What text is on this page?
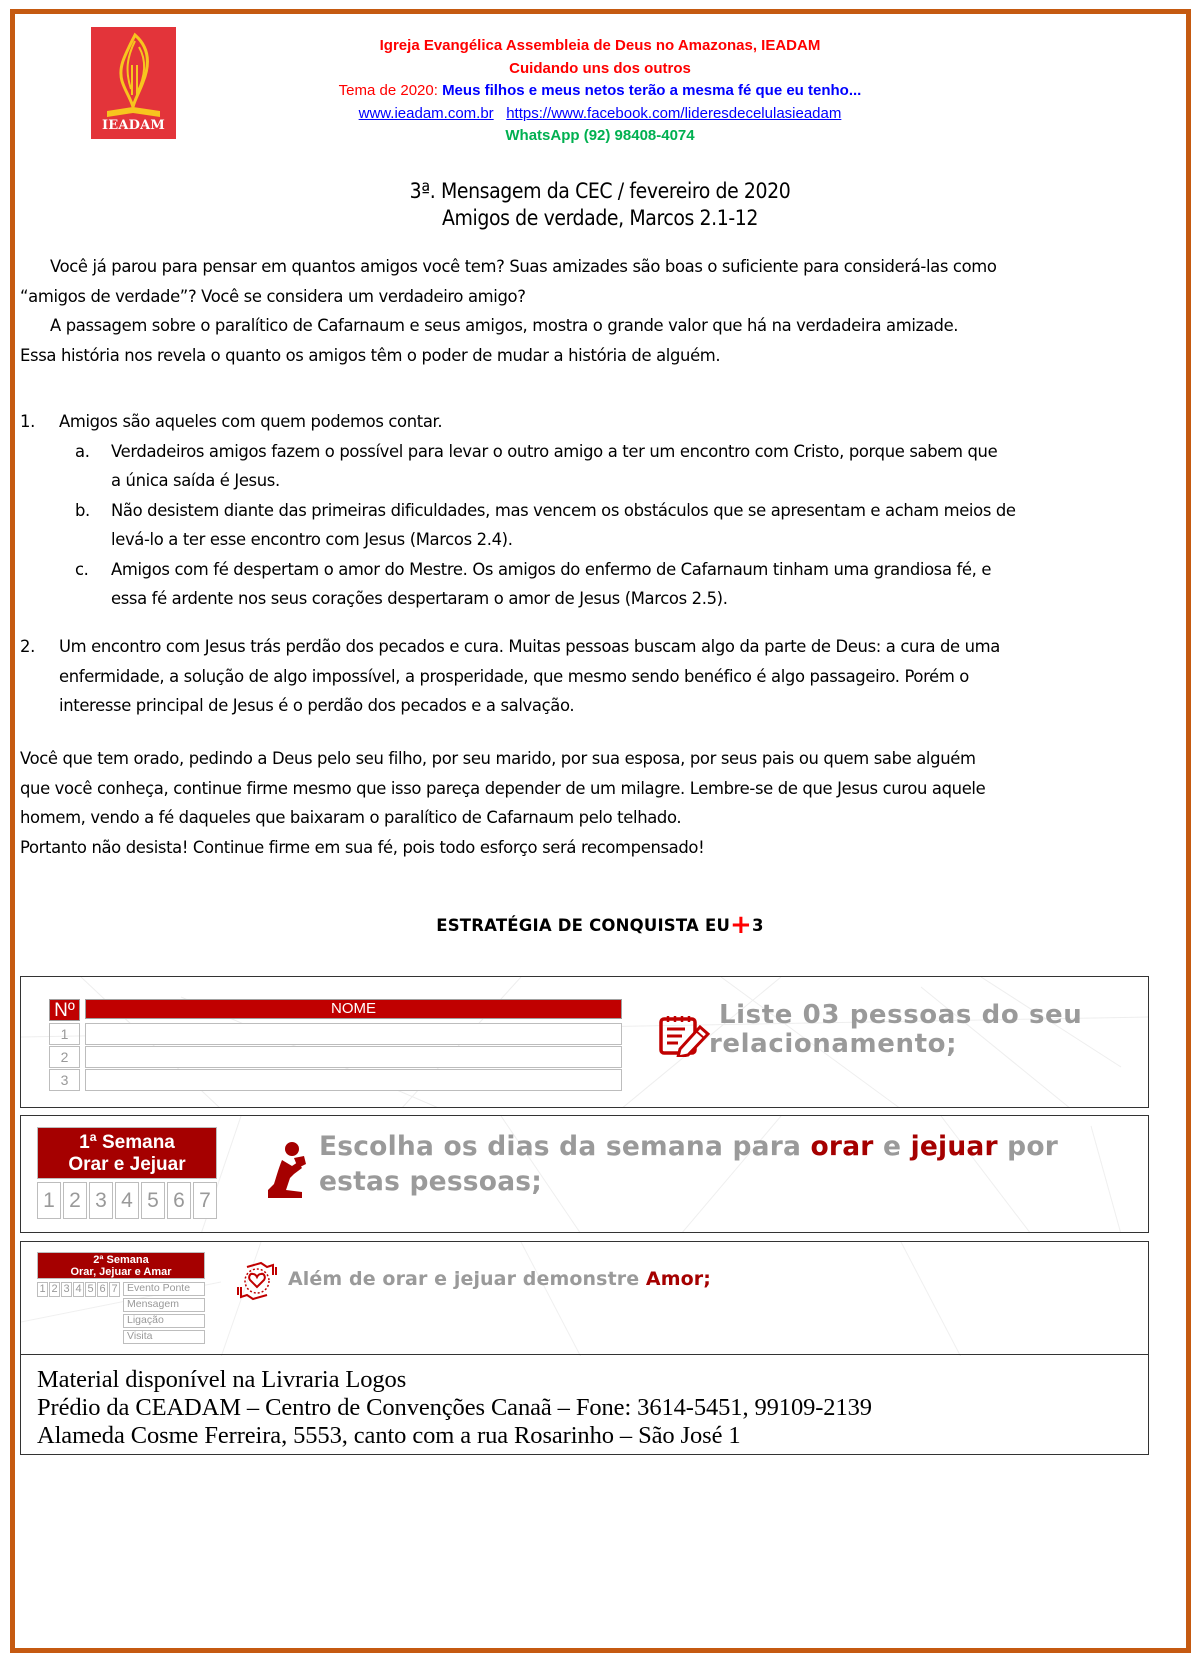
IEADAM
Igreja Evangélica Assembleia de Deus no Amazonas, IEADAM
Cuidando uns dos outros
Tema de 2020: Meus filhos e meus netos terão a mesma fé que eu tenho...
www.ieadam.com.br https://www.facebook.com/lideresdecelulasieadam
WhatsApp (92) 98408-4074
3ª. Mensagem da CEC / fevereiro de 2020
Amigos de verdade, Marcos 2.1-12
Você já parou para pensar em quantos amigos você tem? Suas amizades são boas o suficiente para considerá-las como
“amigos de verdade”? Você se considera um verdadeiro amigo?
A passagem sobre o paralítico de Cafarnaum e seus amigos, mostra o grande valor que há na verdadeira amizade.
Essa história nos revela o quanto os amigos têm o poder de mudar a história de alguém.
1. Amigos são aqueles com quem podemos contar.
a. Verdadeiros amigos fazem o possível para levar o outro amigo a ter um encontro com Cristo, porque sabem que
a única saída é Jesus.
b. Não desistem diante das primeiras dificuldades, mas vencem os obstáculos que se apresentam e acham meios de
levá-lo a ter esse encontro com Jesus (Marcos 2.4).
c. Amigos com fé despertam o amor do Mestre. Os amigos do enfermo de Cafarnaum tinham uma grandiosa fé, e
essa fé ardente nos seus corações despertaram o amor de Jesus (Marcos 2.5).
2. Um encontro com Jesus trás perdão dos pecados e cura. Muitas pessoas buscam algo da parte de Deus: a cura de uma
enfermidade, a solução de algo impossível, a prosperidade, que mesmo sendo benéfico é algo passageiro. Porém o
interesse principal de Jesus é o perdão dos pecados e a salvação.
Você que tem orado, pedindo a Deus pelo seu filho, por seu marido, por sua esposa, por seus pais ou quem sabe alguém
que você conheça, continue firme mesmo que isso pareça depender de um milagre. Lembre-se de que Jesus curou aquele
homem, vendo a fé daqueles que baixaram o paralítico de Cafarnaum pelo telhado.
Portanto não desista! Continue firme em sua fé, pois todo esforço será recompensado!
ESTRATÉGIA DE CONQUISTA EU+3
Nº	NOME
1
2
3
Liste 03 pessoas do seu
relacionamento;
1ª Semana
Orar e Jejuar
1 2 3 4 5 6 7
Escolha os dias da semana para orar e jejuar por
estas pessoas;
2ª Semana
Orar, Jejuar e Amar
1 2 3 4 5 6 7 Evento Ponte
Mensagem
Ligação
Visita
Além de orar e jejuar demonstre Amor;
Material disponível na Livraria Logos
Prédio da CEADAM – Centro de Convenções Canaã – Fone: 3614-5451, 99109-2139
Alameda Cosme Ferreira, 5553, canto com a rua Rosarinho – São José 1
